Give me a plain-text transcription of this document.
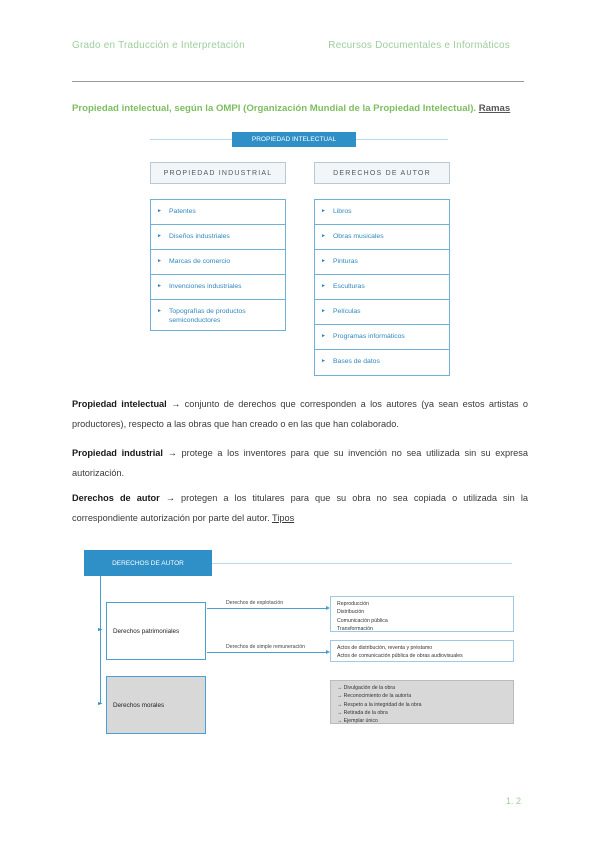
Grado en Traducción e Interpretación	Recursos Documentales e Informáticos
Propiedad intelectual, según la OMPI (Organización Mundial de la Propiedad Intelectual). Ramas
PROPIEDAD INTELECTUAL
PROPIEDAD INDUSTRIAL
►	Patentes
►	Diseños industriales
►	Marcas de comercio
►	Invenciones industriales
►	Topografías de productos semiconductores
DERECHOS DE AUTOR
►	Libros
►	Obras musicales
►	Pinturas
►	Esculturas
►	Películas
►	Programas informáticos
►	Bases de datos
Propiedad intelectual → conjunto de derechos que corresponden a los autores (ya sean estos artistas o productores), respecto a las obras que han creado o en las que han colaborado.
Propiedad industrial → protege a los inventores para que su invención no sea utilizada sin su expresa autorización.
Derechos de autor → protegen a los titulares para que su obra no sea copiada o utilizada sin la correspondiente autorización por parte del autor. Tipos
DERECHOS DE AUTOR
►
►
Derechos patrimoniales
Derechos morales
Derechos de explotación
Derechos de simple remuneración
Reproducción
Distribución
Comunicación pública
Transformación
Actos de distribución, reventa y préstamo
Actos de comunicación pública de obras audiovisuales
→ Divulgación de la obra
→ Reconocimiento de la autoría
→ Respeto a la integridad de la obra
→ Retirada de la obra
→ Ejemplar único
1. 2
